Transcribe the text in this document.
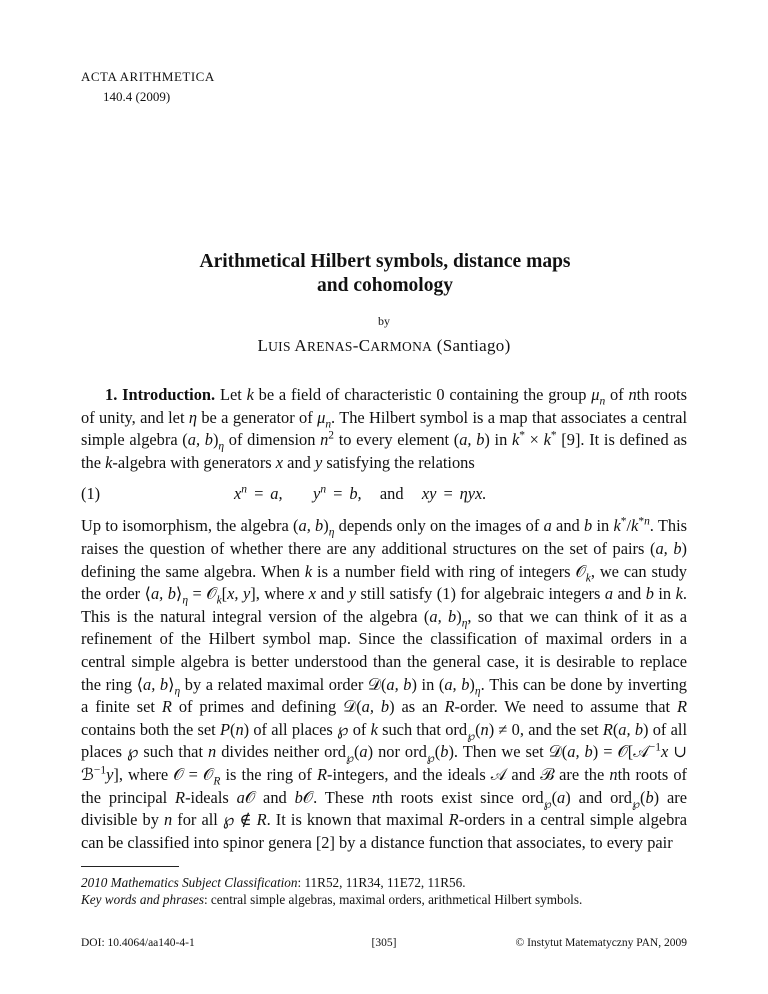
ACTA ARITHMETICA
140.4 (2009)
Arithmetical Hilbert symbols, distance maps
and cohomology
by
LUIS ARENAS-CARMONA (Santiago)

1. Introduction. Let k be a field of characteristic 0 containing the group $\mu_n$ of nth roots of unity, and let η be a generator of $\mu_n$. The Hilbert symbol is a map that associates a central simple algebra (a, $b)_\eta$ of dimension $n^2$ to every element (a, b) in k* × k* [9]. It is defined as the k-algebra with generators x and y satisfying the relations

(1)	$x^n = a$,     $y^n = b$,   and   xy = ηyx.

Up to isomorphism, the algebra (a, $b)_\eta$ depends only on the images of a and b in $k^*/k^{*n}$. This raises the question of whether there are any additional structures on the set of pairs (a, b) defining the same algebra. When k is a number field with ring of integers 𝒪$_k$, we can study the order ⟨a, $b⟩_\eta$ = 𝒪$_k$[x, y], where x and y still satisfy (1) for algebraic integers a and b in k. This is the natural integral version of the algebra (a, $b)_\eta$, so that we can think of it as a refinement of the Hilbert symbol map. Since the classification of maximal orders in a central simple algebra is better understood than the general case, it is desirable to replace the ring ⟨a, $b⟩_\eta$ by a related maximal order 𝒟(a, b) in (a, $b)_\eta$. This can be done by inverting a finite set R of primes and defining 𝒟(a, b) as an R-order. We need to assume that R contains both the set P(n) of all places ℘ of k such that ord$_℘$(n) ≠ 0, and the set R(a, b) of all places ℘ such that n divides neither ord$_℘$(a) nor ord$_℘$(b). Then we set 𝒟(a, b) = 𝒪[𝒜$^{-1}$x ∪ ℬ$^{-1}$y], where 𝒪 = 𝒪$_R$ is the ring of R-integers, and the ideals 𝒜 and ℬ are the nth roots of the principal R-ideals a𝒪 and b𝒪. These nth roots exist since ord$_℘$(a) and ord$_℘$(b) are divisible by n for all ℘ ∉ R. It is known that maximal R-orders in a central simple algebra can be classified into spinor genera [2] by a distance function that associates, to every pair

2010 Mathematics Subject Classification: 11R52, 11R34, 11E72, 11R56.

Key words and phrases: central simple algebras, maximal orders, arithmetical Hilbert symbols.

DOI: 10.4064/aa140-4-1	[305]	© Instytut Matematyczny PAN, 2009
